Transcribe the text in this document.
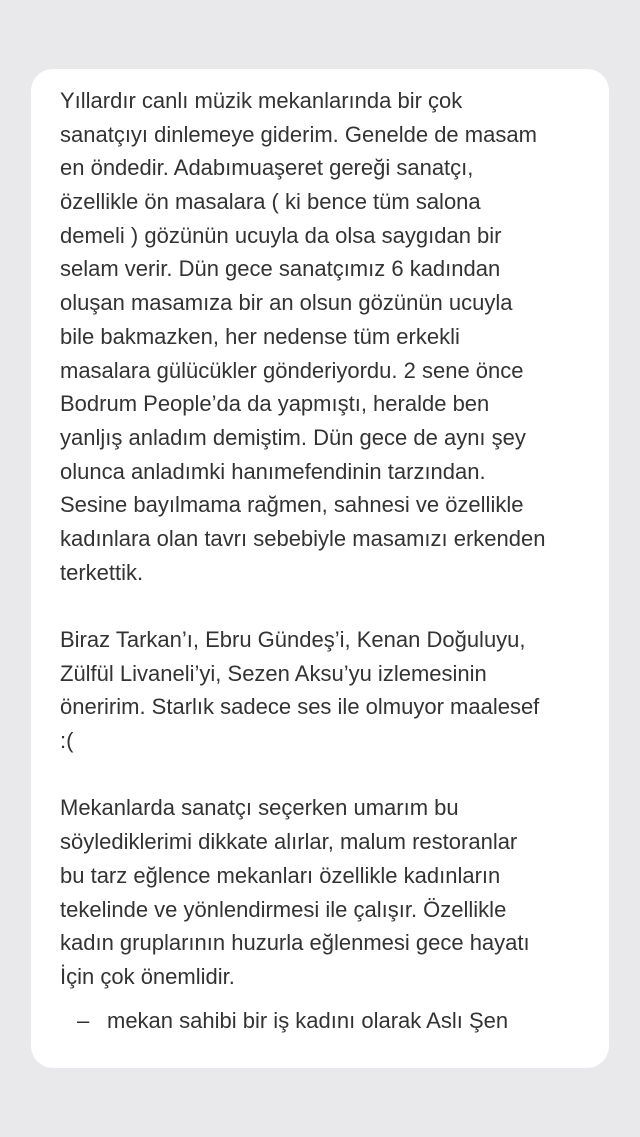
Yıllardır canlı müzik mekanlarında bir çok
sanatçıyı dinlemeye giderim. Genelde de masam
en öndedir. Adabımuaşeret gereği sanatçı,
özellikle ön masalara ( ki bence tüm salona
demeli ) gözünün ucuyla da olsa saygıdan bir
selam verir. Dün gece sanatçımız 6 kadından
oluşan masamıza bir an olsun gözünün ucuyla
bile bakmazken, her nedense tüm erkekli
masalara gülücükler gönderiyordu. 2 sene önce
Bodrum People’da da yapmıştı, heralde ben
yanljış anladım demiştim. Dün gece de aynı şey
olunca anladımki hanımefendinin tarzından.
Sesine bayılmama rağmen, sahnesi ve özellikle
kadınlara olan tavrı sebebiyle masamızı erkenden
terkettik.
Biraz Tarkan’ı, Ebru Gündeş’i, Kenan Doğuluyu,
Zülfül Livaneli’yi, Sezen Aksu’yu izlemesinin
öneririm. Starlık sadece ses ile olmuyor maalesef
:(
Mekanlarda sanatçı seçerken umarım bu
söylediklerimi dikkate alırlar, malum restoranlar
bu tarz eğlence mekanları özellikle kadınların
tekelinde ve yönlendirmesi ile çalışır. Özellikle
kadın gruplarının huzurla eğlenmesi gece hayatı
İçin çok önemlidir.
– mekan sahibi bir iş kadını olarak Aslı Şen
